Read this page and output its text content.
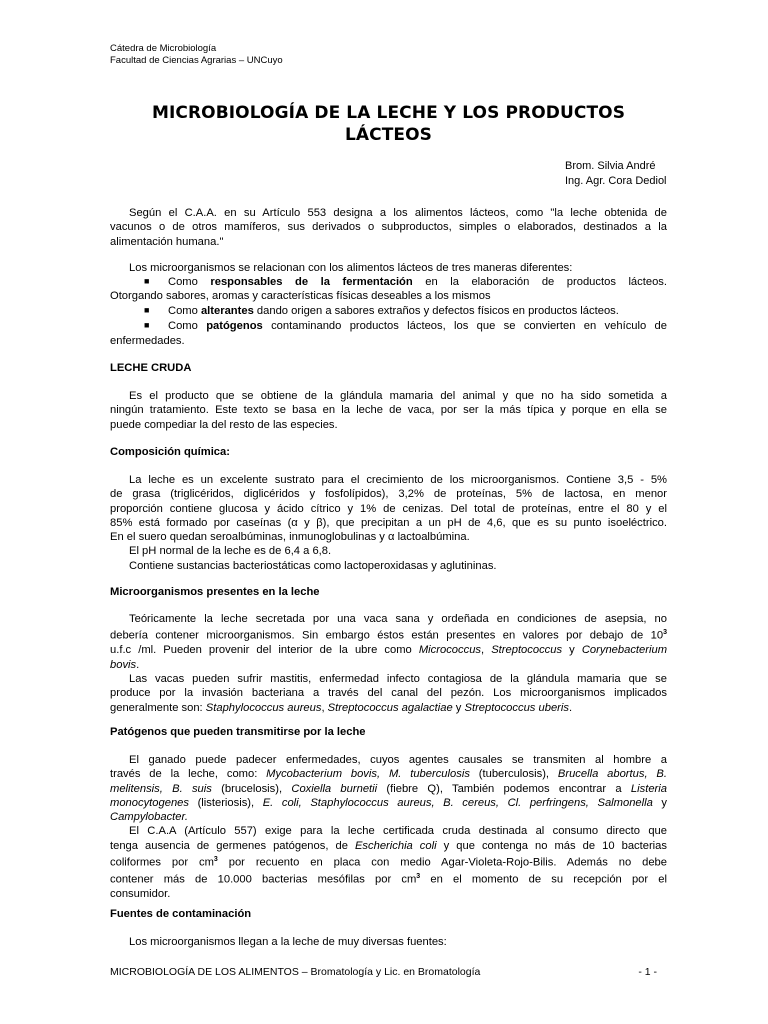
Cátedra de Microbiología
Facultad de Ciencias Agrarias – UNCuyo
MICROBIOLOGÍA DE LA LECHE Y LOS PRODUCTOS
LÁCTEOS
Brom. Silvia André
Ing. Agr. Cora Dediol
Según el C.A.A. en su Artículo 553 designa a los alimentos lácteos, como "la leche obtenida de
vacunos o de otros mamíferos, sus derivados o subproductos, simples o elaborados, destinados a la
alimentación humana."
Los microorganismos se relacionan con los alimentos lácteos de tres maneras diferentes:
■	Como responsables de la fermentación en la elaboración de productos lácteos.
Otorgando sabores, aromas y características físicas deseables a los mismos
■	Como alterantes dando origen a sabores extraños y defectos físicos en productos lácteos.
■	Como patógenos contaminando productos lácteos, los que se convierten en vehículo de
enfermedades.
LECHE CRUDA
Es el producto que se obtiene de la glándula mamaria del animal y que no ha sido sometida a
ningún tratamiento. Este texto se basa en la leche de vaca, por ser la más típica y porque en ella se
puede compediar la del resto de las especies.
Composición química:
La leche es un excelente sustrato para el crecimiento de los microorganismos. Contiene 3,5 - 5%
de grasa (triglicéridos, diglicéridos y fosfolípidos), 3,2% de proteínas, 5% de lactosa, en menor
proporción contiene glucosa y ácido cítrico y 1% de cenizas. Del total de proteínas, entre el 80 y el
85% está formado por caseínas (α y β), que precipitan a un pH de 4,6, que es su punto isoeléctrico.
En el suero quedan seroalbúminas, inmunoglobulinas y α lactoalbúmina.
El pH normal de la leche es de 6,4 a 6,8.
Contiene sustancias bacteriostáticas como lactoperoxidasas y aglutininas.
Microorganismos presentes en la leche
Teóricamente la leche secretada por una vaca sana y ordeñada en condiciones de asepsia, no
debería contener microorganismos. Sin embargo éstos están presentes en valores por debajo de $10^3$
u.f.c /ml. Pueden provenir del interior de la ubre como Micrococcus, Streptococcus y Corynebacterium
bovis.
Las vacas pueden sufrir mastitis, enfermedad infecto contagiosa de la glándula mamaria que se
produce por la invasión bacteriana a través del canal del pezón. Los microorganismos implicados
generalmente son: Staphylococcus aureus, Streptococcus agalactiae y Streptococcus uberis.
Patógenos que pueden transmitirse por la leche
El ganado puede padecer enfermedades, cuyos agentes causales se transmiten al hombre a
través de la leche, como: Mycobacterium bovis, M. tuberculosis (tuberculosis), Brucella abortus, B.
melitensis, B. suis (brucelosis), Coxiella burnetii (fiebre Q), También podemos encontrar a Listeria
monocytogenes (listeriosis), E. coli, Staphylococcus aureus, B. cereus, Cl. perfringens, Salmonella y
Campylobacter.
El C.A.A (Artículo 557) exige para la leche certificada cruda destinada al consumo directo que
tenga ausencia de germenes patógenos, de Escherichia coli y que contenga no más de 10 bacterias
coliformes por $cm^3$ por recuento en placa con medio Agar-Violeta-Rojo-Bilis. Además no debe
contener más de 10.000 bacterias mesófilas por $cm^3$ en el momento de su recepción por el
consumidor.
Fuentes de contaminación
Los microorganismos llegan a la leche de muy diversas fuentes:
MICROBIOLOGÍA DE LOS ALIMENTOS – Bromatología y Lic. en Bromatología	- 1 -
